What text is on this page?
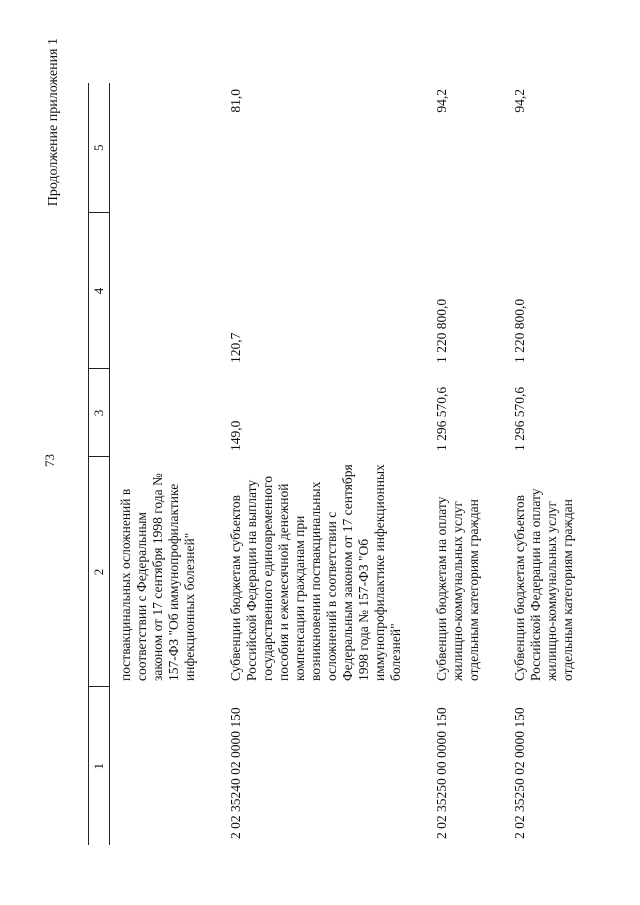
73
Продолжение приложения 1
1	2	3	4	5
	поствакцинальных осложнений в соответствии с Федеральным законом от 17 сентября 1998 года № 157-ФЗ "Об иммунопрофилактике инфекционных болезней"			
2 02 35240 02 0000 150	Субвенции бюджетам субъектов Российской Федерации на выплату государственного единовременного пособия и ежемесячной денежной компенсации гражданам при возникновении поствакцинальных осложнений в соответствии с Федеральным законом от 17 сентября 1998 года № 157-ФЗ "Об иммунопрофилактике инфекционных болезней"	149,0	120,7	81,0
2 02 35250 00 0000 150	Субвенции бюджетам на оплату жилищно-коммунальных услуг отдельным категориям граждан	1 296 570,6	1 220 800,0	94,2
2 02 35250 02 0000 150	Субвенции бюджетам субъектов Российской Федерации на оплату жилищно-коммунальных услуг отдельным категориям граждан	1 296 570,6	1 220 800,0	94,2
